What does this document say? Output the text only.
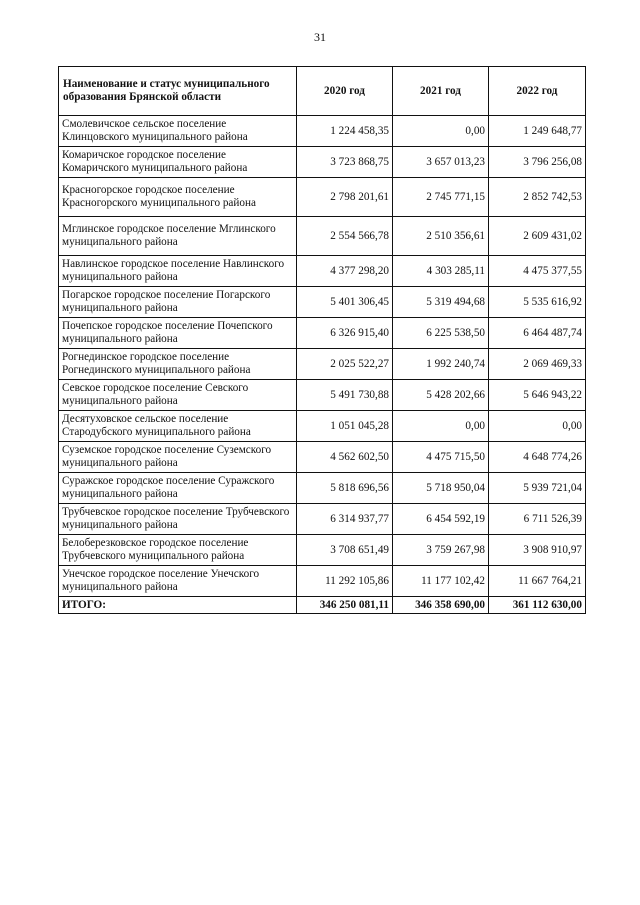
31
Наименование и статус муниципального образования Брянской области	2020 год	2021 год	2022 год
Смолевичское сельское поселение Клинцовского муниципального района	1 224 458,35	0,00	1 249 648,77
Комаричское городское поселение Комаричского муниципального района	3 723 868,75	3 657 013,23	3 796 256,08
Красногорское городское поселение Красногорского муниципального района	2 798 201,61	2 745 771,15	2 852 742,53
Мглинское городское поселение Мглинского муниципального района	2 554 566,78	2 510 356,61	2 609 431,02
Навлинское городское поселение Навлинского муниципального района	4 377 298,20	4 303 285,11	4 475 377,55
Погарское городское поселение Погарского муниципального района	5 401 306,45	5 319 494,68	5 535 616,92
Почепское городское поселение Почепского муниципального района	6 326 915,40	6 225 538,50	6 464 487,74
Рогнединское городское поселение Рогнединского муниципального района	2 025 522,27	1 992 240,74	2 069 469,33
Севское городское поселение Севского муниципального района	5 491 730,88	5 428 202,66	5 646 943,22
Десятуховское сельское поселение Стародубского муниципального района	1 051 045,28	0,00	0,00
Суземское городское поселение Суземского муниципального района	4 562 602,50	4 475 715,50	4 648 774,26
Суражское городское поселение Суражского муниципального района	5 818 696,56	5 718 950,04	5 939 721,04
Трубчевское городское поселение Трубчевского муниципального района	6 314 937,77	6 454 592,19	6 711 526,39
Белоберезковское городское поселение Трубчевского муниципального района	3 708 651,49	3 759 267,98	3 908 910,97
Унечское городское поселение Унечского муниципального района	11 292 105,86	11 177 102,42	11 667 764,21
ИТОГО:	346 250 081,11	346 358 690,00	361 112 630,00
